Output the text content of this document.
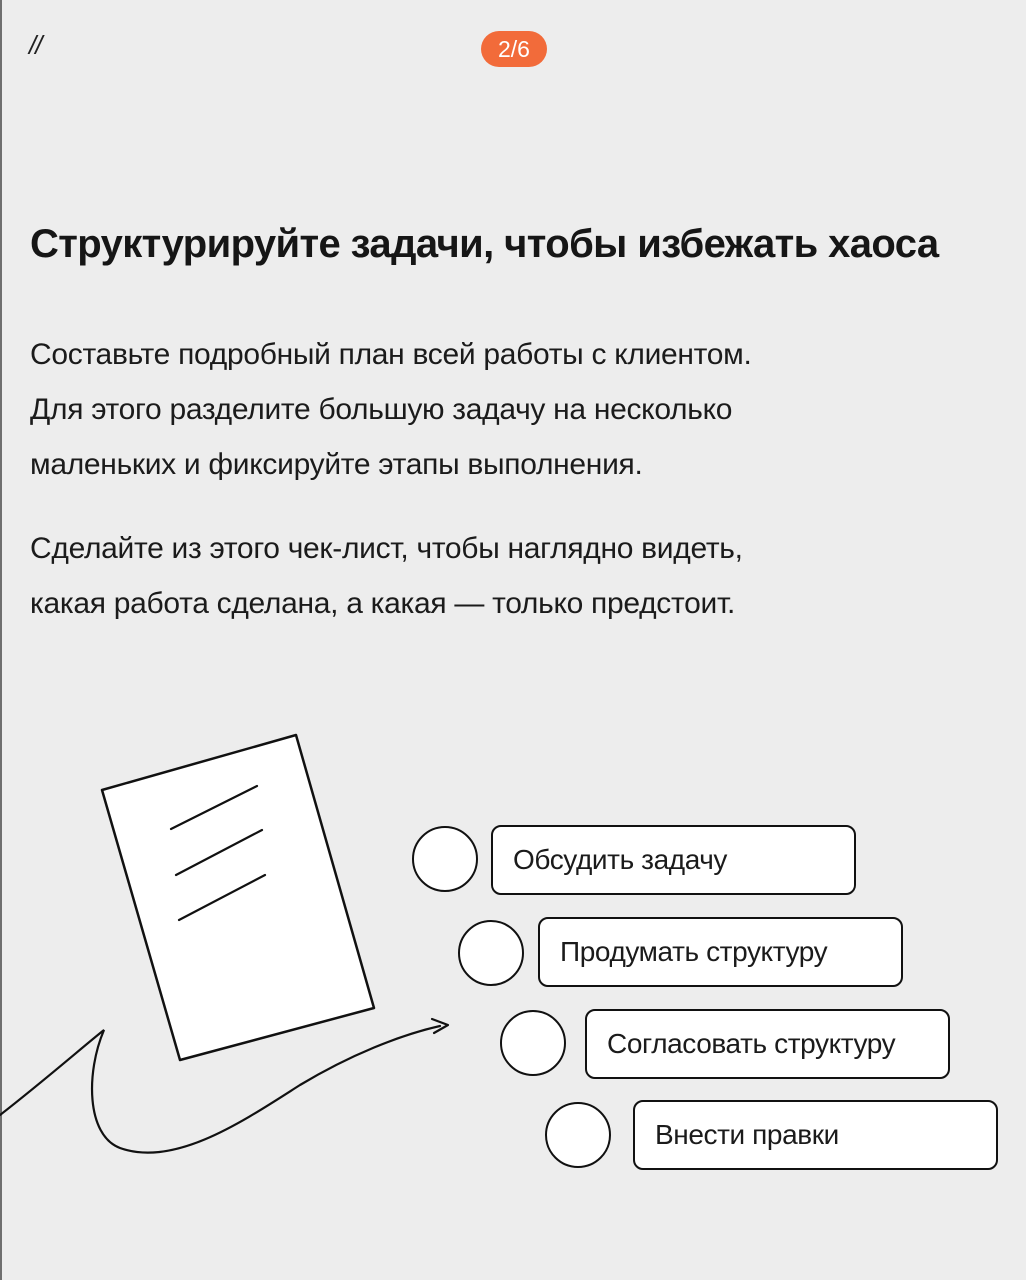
//	2/6
Структурируйте задачи, чтобы избежать хаоса

Составьте подробный план всей работы с клиентом.
Для этого разделите большую задачу на несколько
маленьких и фиксируйте этапы выполнения.

Сделайте из этого чек-лист, чтобы наглядно видеть,
какая работа сделана, а какая — только предстоит.

Обсудить задачу
Продумать структуру
Согласовать структуру
Внести правки
